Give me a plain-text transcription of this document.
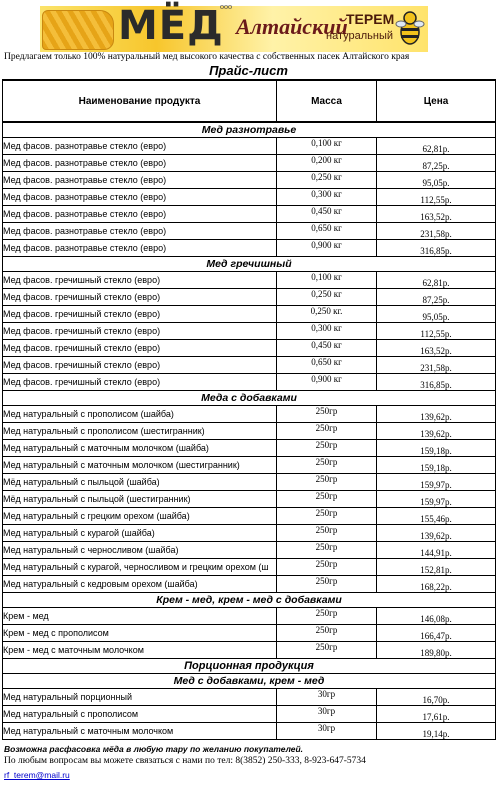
МЁД
ооо
Алтайский
ТЕРЕМ
натуральный
Предлагаем только 100% натуральный мед высокого качества с собственных пасек Алтайского края
Прайс-лист
Наименование продукта	Масса	Цена
Мед разнотравье		
Мед фасов. разнотравье стекло (евро)	0,100 кг	62,81р.
Мед фасов. разнотравье стекло (евро)	0,200 кг	87,25р.
Мед фасов. разнотравье стекло (евро)	0,250 кг	95,05р.
Мед фасов. разнотравье стекло (евро)	0,300 кг	112,55р.
Мед фасов. разнотравье стекло (евро)	0,450 кг	163,52р.
Мед фасов. разнотравье стекло (евро)	0,650 кг	231,58р.
Мед фасов. разнотравье стекло (евро)	0,900 кг	316,85р.
Мед гречишный		
Мед фасов. гречишный стекло (евро)	0,100 кг	62,81р.
Мед фасов. гречишный стекло (евро)	0,250 кг	87,25р.
Мед фасов. гречишный стекло (евро)	0,250 кг.	95,05р.
Мед фасов. гречишный стекло (евро)	0,300 кг	112,55р.
Мед фасов. гречишный стекло (евро)	0,450 кг	163,52р.
Мед фасов. гречишный стекло (евро)	0,650 кг	231,58р.
Мед фасов. гречишный стекло (евро)	0,900 кг	316,85р.
Меда с добавками		
Мед натуральный с прополисом (шайба)	250гр	139,62р.
Мед натуральный с прополисом (шестигранник)	250гр	139,62р.
Мед натуральный с маточным молочком (шайба)	250гр	159,18р.
Мед натуральный с маточным молочком (шестигранник)	250гр	159,18р.
Мёд натуральный с пыльцой (шайба)	250гр	159,97р.
Мёд натуральный с пыльцой (шестигранник)	250гр	159,97р.
Мед натуральный с грецким орехом (шайба)	250гр	155,46р.
Мед натуральный с курагой (шайба)	250гр	139,62р.
Мед натуральный с черносливом (шайба)	250гр	144,91р.
Мед натуральный с курагой, черносливом и грецким орехом (ш	250гр	152,81р.
Мед натуральный с кедровым орехом (шайба)	250гр	168,22р.
Крем - мед, крем - мед с добавками		
Крем - мед	250гр	146,08р.
Крем - мед с прополисом	250гр	166,47р.
Крем - мед с маточным молочком	250гр	189,80р.
Порционная продукция		
Мед с добавками, крем - мед		
Мед натуральный порционный	30гр	16,70р.
Мед натуральный с прополисом	30гр	17,61р.
Мед натуральный с маточным молочком	30гр	19,14р.
Возможна расфасовка мёда в любую тару по желанию покупателей.
По любым вопросам вы можете связаться с нами по тел: 8(3852) 250-333, 8-923-647-5734
rf_terem@mail.ru
